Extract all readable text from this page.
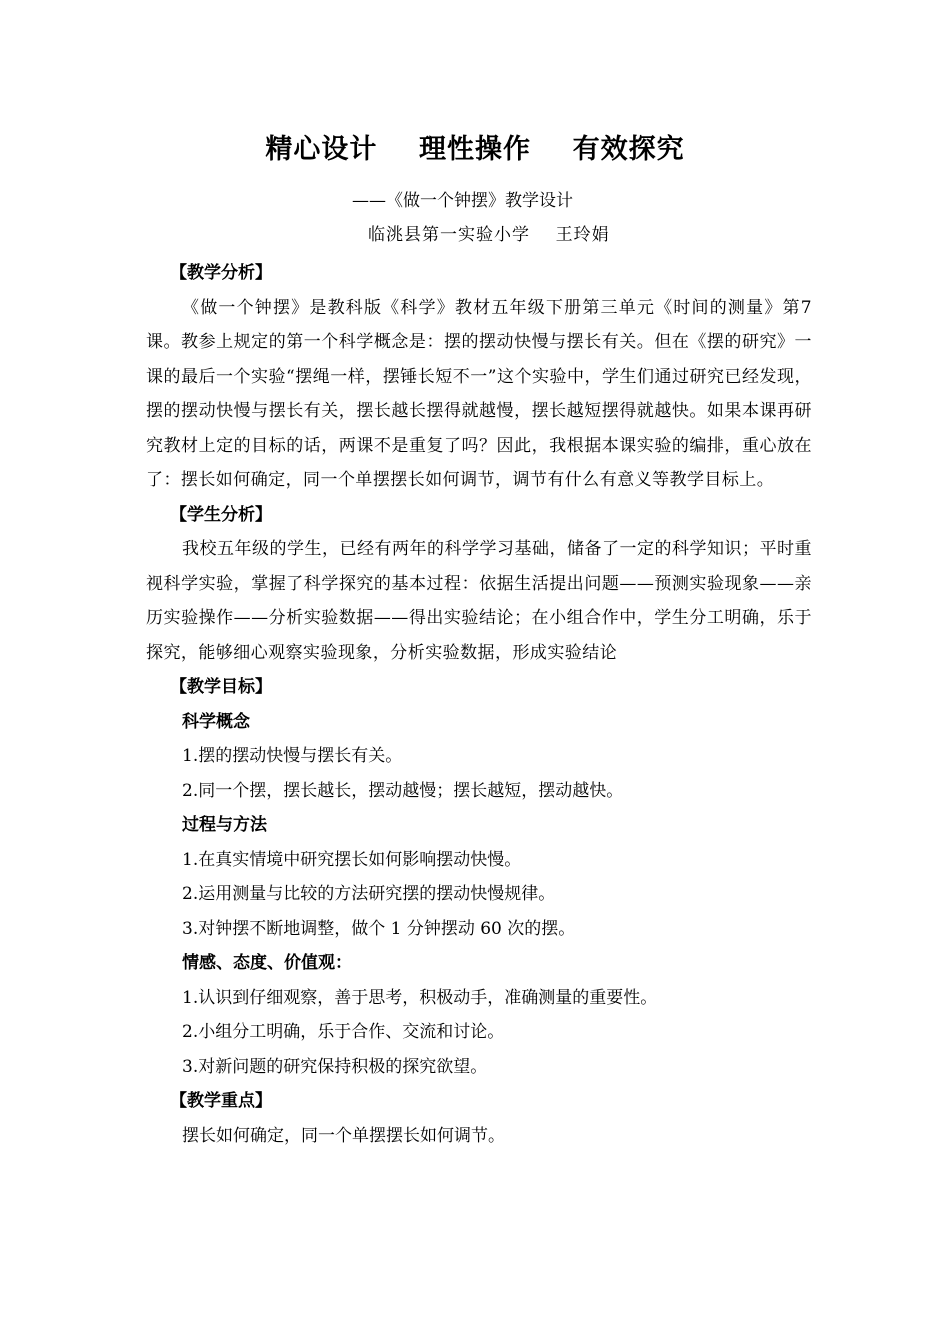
精心设计    理性操作    有效探究
——《做一个钟摆》教学设计
临洮县第一实验小学    王玲娟

【教学分析】

《做一个钟摆》是教科版《科学》教材五年级下册第三单元《时间的测量》第7课。教参上规定的第一个科学概念是：摆的摆动快慢与摆长有关。但在《摆的研究》一课的最后一个实验“摆绳一样，摆锤长短不一”这个实验中，学生们通过研究已经发现，摆的摆动快慢与摆长有关，摆长越长摆得就越慢，摆长越短摆得就越快。如果本课再研究教材上定的目标的话，两课不是重复了吗？因此，我根据本课实验的编排，重心放在了：摆长如何确定，同一个单摆摆长如何调节，调节有什么有意义等教学目标上。

【学生分析】

我校五年级的学生，已经有两年的科学学习基础，储备了一定的科学知识；平时重视科学实验，掌握了科学探究的基本过程：依据生活提出问题——预测实验现象——亲历实验操作——分析实验数据——得出实验结论；在小组合作中，学生分工明确，乐于探究，能够细心观察实验现象，分析实验数据，形成实验结论

【教学目标】

科学概念

1.摆的摆动快慢与摆长有关。

2.同一个摆，摆长越长，摆动越慢；摆长越短，摆动越快。

过程与方法

1.在真实情境中研究摆长如何影响摆动快慢。

2.运用测量与比较的方法研究摆的摆动快慢规律。

3.对钟摆不断地调整，做个 1 分钟摆动 60 次的摆。

情感、态度、价值观：

1.认识到仔细观察，善于思考，积极动手，准确测量的重要性。

2.小组分工明确，乐于合作、交流和讨论。

3.对新问题的研究保持积极的探究欲望。

【教学重点】

摆长如何确定，同一个单摆摆长如何调节。
